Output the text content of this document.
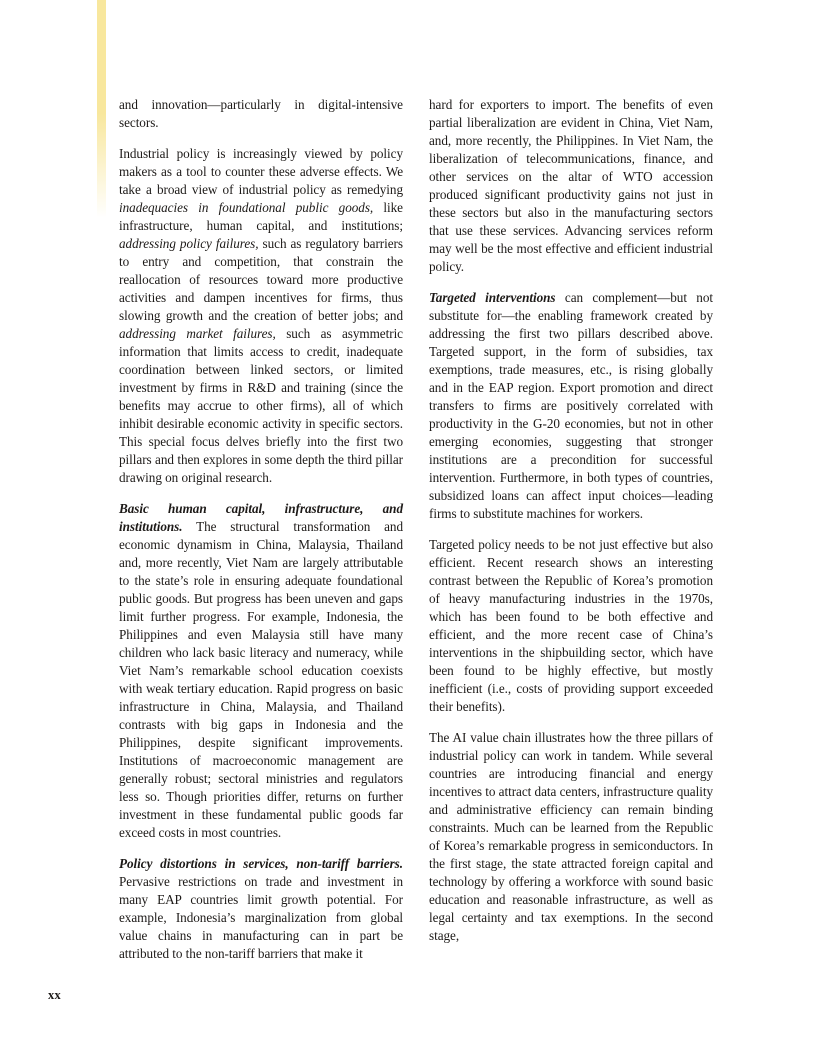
and innovation—particularly in digital-intensive sectors.

Industrial policy is increasingly viewed by policy makers as a tool to counter these adverse effects. We take a broad view of industrial policy as remedying inadequacies in foundational public goods, like infrastructure, human capital, and institutions; addressing policy failures, such as regulatory barriers to entry and competition, that constrain the reallocation of resources toward more productive activities and dampen incentives for firms, thus slowing growth and the creation of better jobs; and addressing market failures, such as asymmetric information that limits access to credit, inadequate coordination between linked sectors, or limited investment by firms in R&D and training (since the benefits may accrue to other firms), all of which inhibit desirable economic activity in specific sectors. This special focus delves briefly into the first two pillars and then explores in some depth the third pillar drawing on original research.

Basic human capital, infrastructure, and institutions. The structural transformation and economic dynamism in China, Malaysia, Thailand and, more recently, Viet Nam are largely attributable to the state’s role in ensuring adequate foundational public goods. But progress has been uneven and gaps limit further progress. For example, Indonesia, the Philippines and even Malaysia still have many children who lack basic literacy and numeracy, while Viet Nam’s remarkable school education coexists with weak tertiary education. Rapid progress on basic infrastructure in China, Malaysia, and Thailand contrasts with big gaps in Indonesia and the Philippines, despite significant improvements. Institutions of macroeconomic management are generally robust; sectoral ministries and regulators less so. Though priorities differ, returns on further investment in these fundamental public goods far exceed costs in most countries.

Policy distortions in services, non-tariff barriers. Pervasive restrictions on trade and investment in many EAP countries limit growth potential. For example, Indonesia’s marginalization from global value chains in manufacturing can in part be attributed to the non-tariff barriers that make it

hard for exporters to import. The benefits of even partial liberalization are evident in China, Viet Nam, and, more recently, the Philippines. In Viet Nam, the liberalization of telecommunications, finance, and other services on the altar of WTO accession produced significant productivity gains not just in these sectors but also in the manufacturing sectors that use these services. Advancing services reform may well be the most effective and efficient industrial policy.

Targeted interventions can complement—but not substitute for—the enabling framework created by addressing the first two pillars described above. Targeted support, in the form of subsidies, tax exemptions, trade measures, etc., is rising globally and in the EAP region. Export promotion and direct transfers to firms are positively correlated with productivity in the G-20 economies, but not in other emerging economies, suggesting that stronger institutions are a precondition for successful intervention. Furthermore, in both types of countries, subsidized loans can affect input choices—leading firms to substitute machines for workers.

Targeted policy needs to be not just effective but also efficient. Recent research shows an interesting contrast between the Republic of Korea’s promotion of heavy manufacturing industries in the 1970s, which has been found to be both effective and efficient, and the more recent case of China’s interventions in the shipbuilding sector, which have been found to be highly effective, but mostly inefficient (i.e., costs of providing support exceeded their benefits).

The AI value chain illustrates how the three pillars of industrial policy can work in tandem. While several countries are introducing financial and energy incentives to attract data centers, infrastructure quality and administrative efficiency can remain binding constraints. Much can be learned from the Republic of Korea’s remarkable progress in semiconductors. In the first stage, the state attracted foreign capital and technology by offering a workforce with sound basic education and reasonable infrastructure, as well as legal certainty and tax exemptions. In the second stage,

xx
